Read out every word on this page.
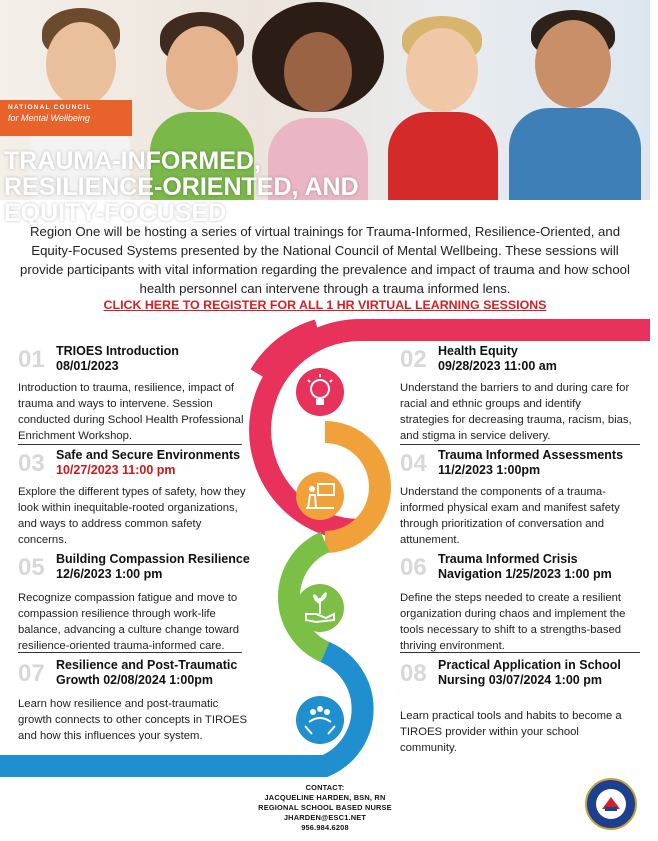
NATIONAL COUNCIL
for Mental Wellbeing
TRAUMA-INFORMED, RESILIENCE-ORIENTED, AND EQUITY-FOCUSED
Region One will be hosting a series of virtual trainings for Trauma-Informed, Resilience-Oriented, and Equity-Focused Systems presented by the National Council of Mental Wellbeing. These sessions will provide participants with vital information regarding the prevalence and impact of trauma and how school health personnel can intervene through a trauma informed lens.
CLICK HERE TO REGISTER FOR ALL 1 HR VIRTUAL LEARNING SESSIONS
01 TRIOES Introduction
08/01/2023
Introduction to trauma, resilience, impact of trauma and ways to intervene. Session conducted during School Health Professional Enrichment Workshop.
02 Health Equity
09/28/2023 11:00 am
Understand the barriers to and during care for racial and ethnic groups and identify strategies for decreasing trauma, racism, bias, and stigma in service delivery.
03 Safe and Secure Environments
10/27/2023 11:00 pm
Explore the different types of safety, how they look within inequitable-rooted organizations, and ways to address common safety concerns.
04 Trauma Informed Assessments
11/2/2023 1:00pm
Understand the components of a trauma-informed physical exam and manifest safety through prioritization of conversation and attunement.
05 Building Compassion Resilience
12/6/2023 1:00 pm
Recognize compassion fatigue and move to compassion resilience through work-life balance, advancing a culture change toward resilience-oriented trauma-informed care.
06 Trauma Informed Crisis
Navigation 1/25/2023 1:00 pm
Define the steps needed to create a resilient organization during chaos and implement the tools necessary to shift to a strengths-based thriving environment.
07 Resilience and Post-Traumatic
Growth 02/08/2024 1:00pm
Learn how resilience and post-traumatic growth connects to other concepts in TIROES and how this influences your system.
08 Practical Application in School
Nursing 03/07/2024 1:00 pm
Learn practical tools and habits to become a TIROES provider within your school community.
CONTACT:
JACQUELINE HARDEN, BSN, RN
REGIONAL SCHOOL BASED NURSE
JHARDEN@ESC1.NET
956.984.6208
